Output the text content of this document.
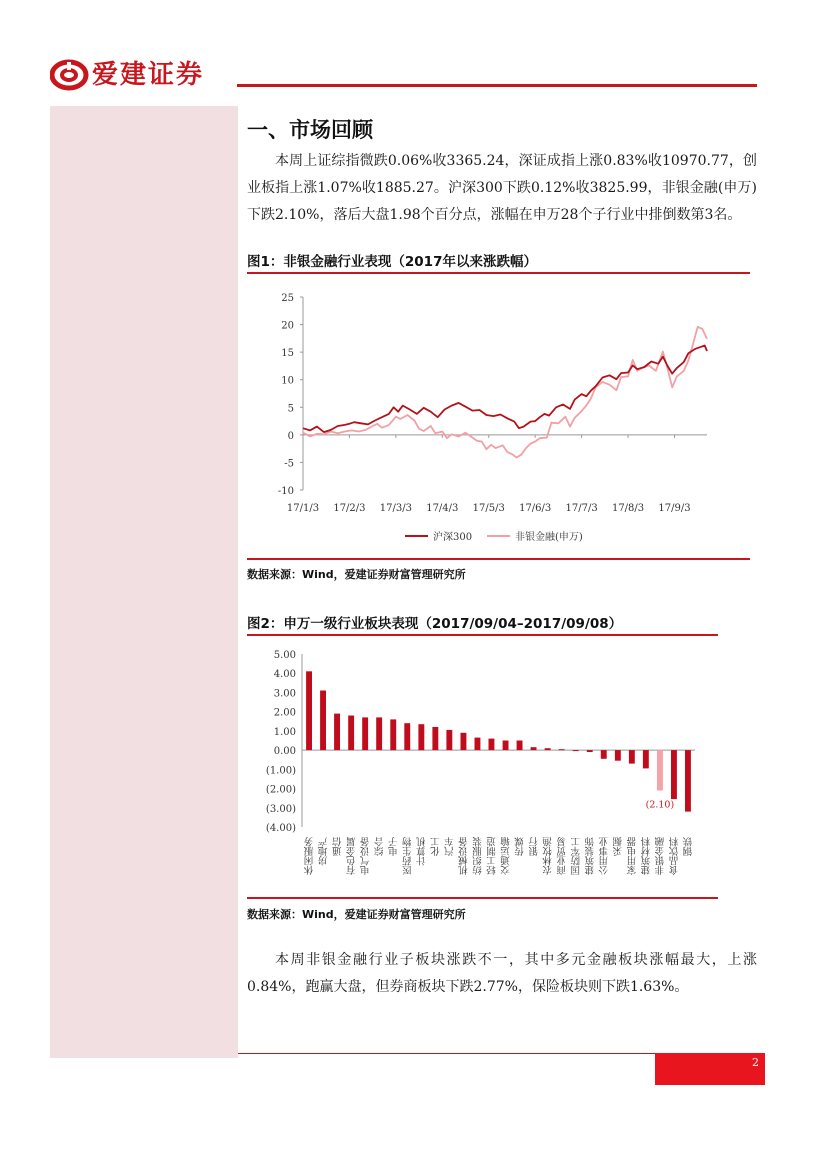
爱建证券
一、市场回顾

本周上证综指微跌0.06%收3365.24，深证成指上涨0.83%收10970.77，创业板指上涨1.07%收1885.27。沪深300下跌0.12%收3825.99，非银金融(申万)下跌2.10%，落后大盘1.98个百分点，涨幅在申万28个子行业中排倒数第3名。

图1：非银金融行业表现（2017年以来涨跌幅）
25
20
15
10
5
0
-5
-10
17/1/3 17/2/3 17/3/3 17/4/3 17/5/3 17/6/3 17/7/3 17/8/3 17/9/3
沪深300	非银金融(申万)
数据来源：Wind，爱建证券财富管理研究所
图2：申万一级行业板块表现（2017/09/04–2017/09/08）
5.00
4.00
3.00
2.00
1.00
0.00
(1.00)
(2.00)
(3.00)
(4.00)
休闲服务 房地产 通信 有色金属 电气设备 综合 电子 医药生物 计算机 化工 汽车 机械设备 纺织服装 轻工制造 交通运输 传媒 银行 农林牧渔 商业贸易 国防军工 建筑装饰 公用事业 采掘 家用电器 建筑材料 非银金融 食品饮料 钢铁
(2.10)
数据来源：Wind，爱建证券财富管理研究所

本周非银金融行业子板块涨跌不一，其中多元金融板块涨幅最大，上涨0.84%，跑赢大盘，但券商板块下跌2.77%，保险板块则下跌1.63%。

2
